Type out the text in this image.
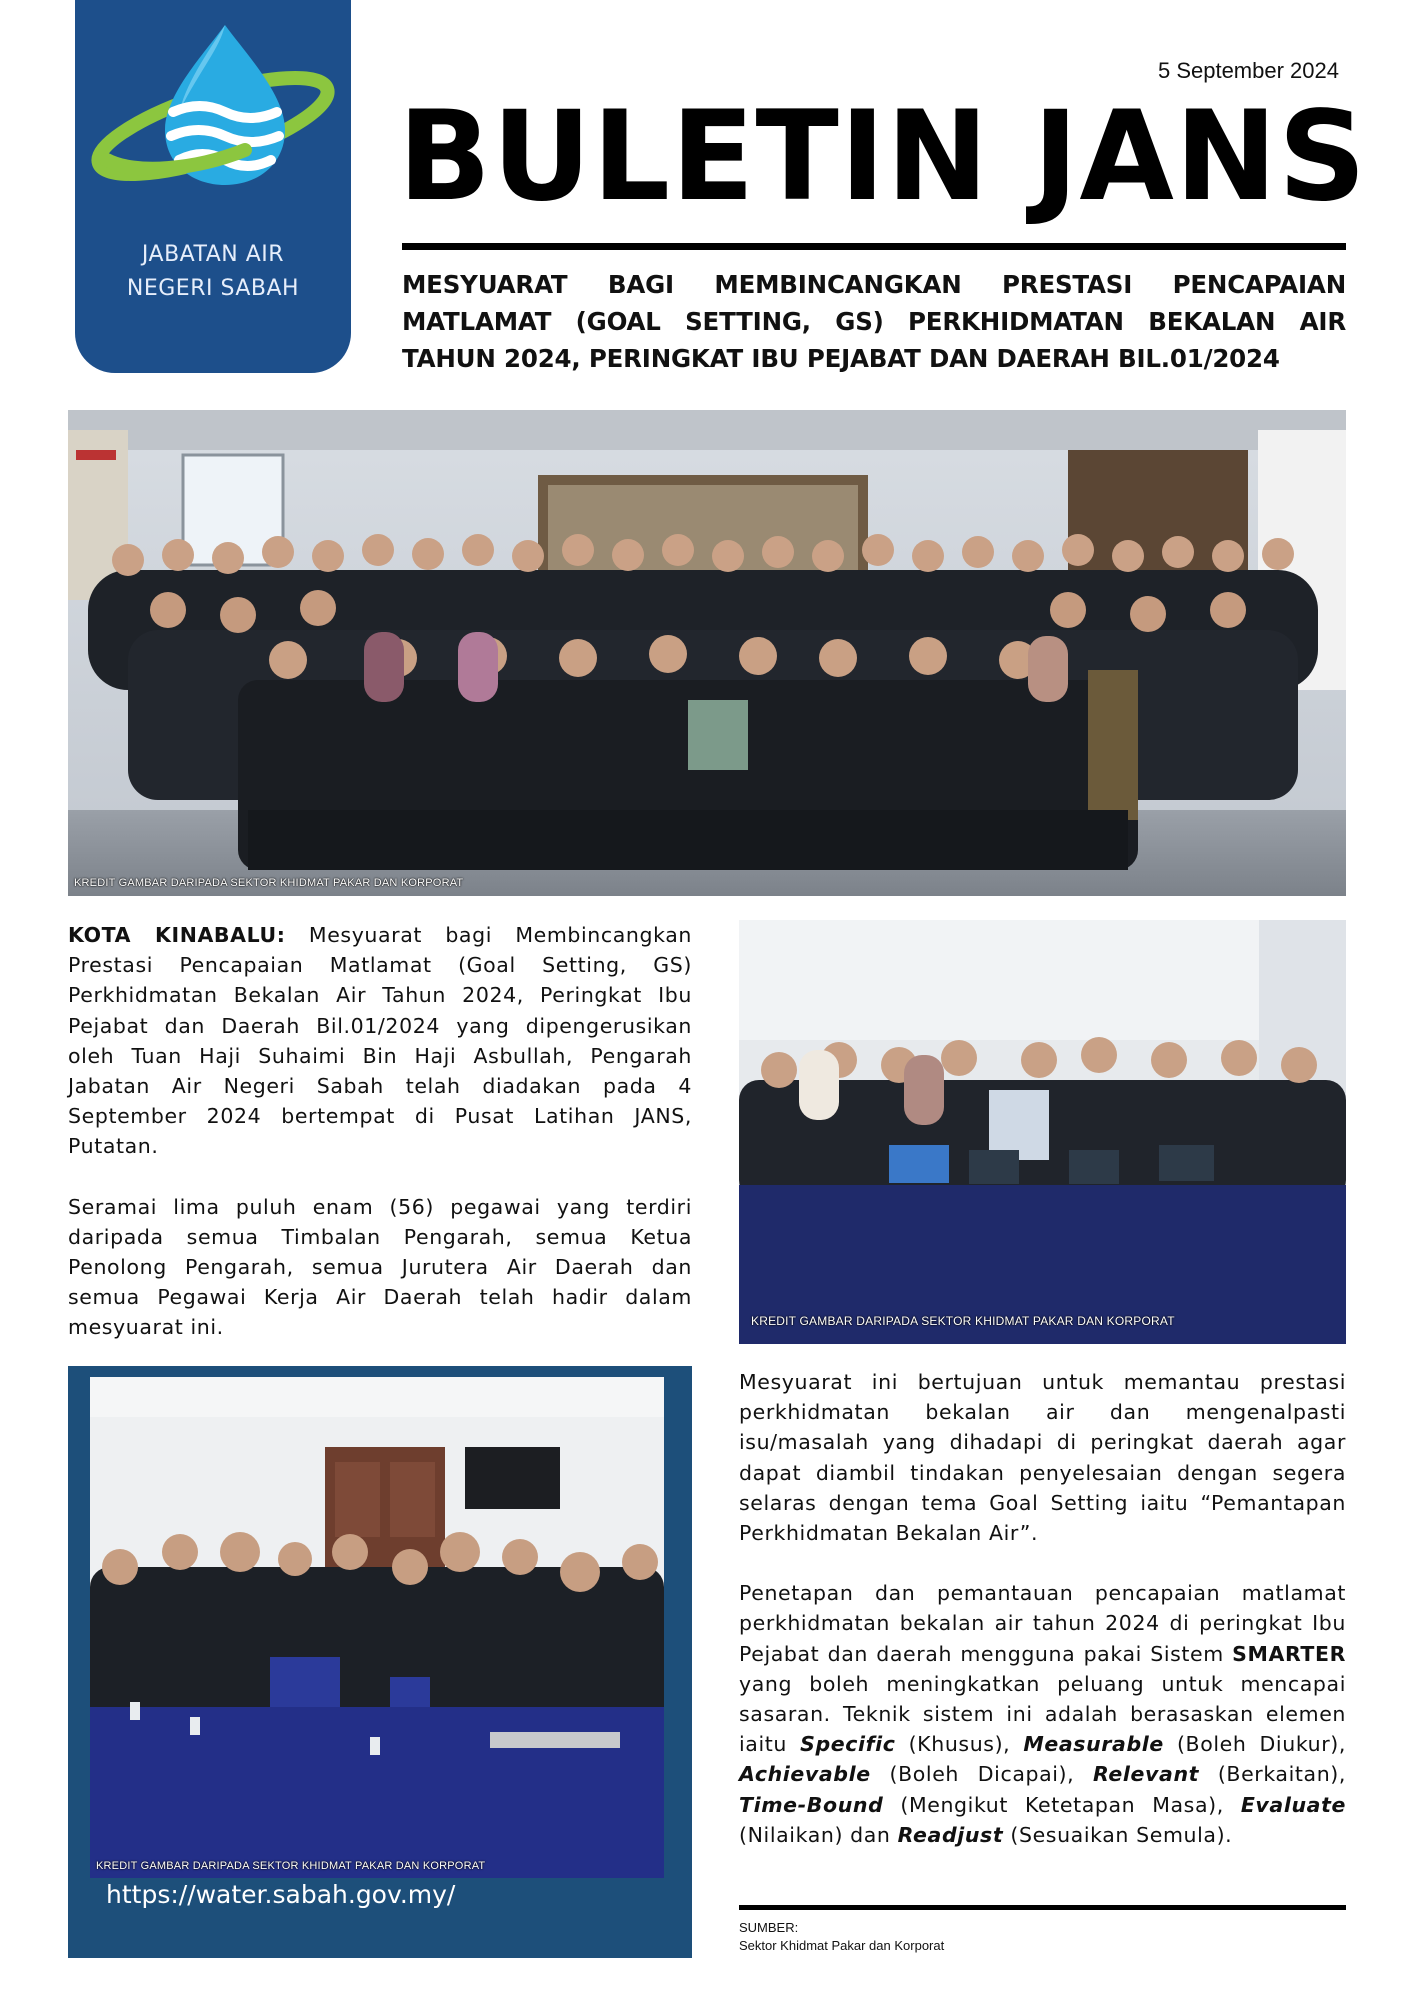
JABATAN AIR
NEGERI SABAH
5 September 2024
BULETIN JANS
MESYUARAT BAGI MEMBINCANGKAN PRESTASI PENCAPAIAN MATLAMAT (GOAL SETTING, GS) PERKHIDMATAN BEKALAN AIR TAHUN 2024, PERINGKAT IBU PEJABAT DAN DAERAH BIL.01/2024
KREDIT GAMBAR DARIPADA SEKTOR KHIDMAT PAKAR DAN KORPORAT

KOTA KINABALU: Mesyuarat bagi Membincangkan Prestasi Pencapaian Matlamat (Goal Setting, GS) Perkhidmatan Bekalan Air Tahun 2024, Peringkat Ibu Pejabat dan Daerah Bil.01/2024 yang dipengerusikan oleh Tuan Haji Suhaimi Bin Haji Asbullah, Pengarah Jabatan Air Negeri Sabah telah diadakan pada 4 September 2024 bertempat di Pusat Latihan JANS, Putatan.

Seramai lima puluh enam (56) pegawai yang terdiri daripada semua Timbalan Pengarah, semua Ketua Penolong Pengarah, semua Jurutera Air Daerah dan semua Pegawai Kerja Air Daerah telah hadir dalam mesyuarat ini.	KREDIT GAMBAR DARIPADA SEKTOR KHIDMAT PAKAR DAN KORPORAT
KREDIT GAMBAR DARIPADA SEKTOR KHIDMAT PAKAR DAN KORPORAT
https://water.sabah.gov.my/

Mesyuarat ini bertujuan untuk memantau prestasi perkhidmatan bekalan air dan mengenalpasti isu/masalah yang dihadapi di peringkat daerah agar dapat diambil tindakan penyelesaian dengan segera selaras dengan tema Goal Setting iaitu “Pemantapan Perkhidmatan Bekalan Air”.

Penetapan dan pemantauan pencapaian matlamat perkhidmatan bekalan air tahun 2024 di peringkat Ibu Pejabat dan daerah mengguna pakai Sistem SMARTER yang boleh meningkatkan peluang untuk mencapai sasaran. Teknik sistem ini adalah berasaskan elemen iaitu Specific (Khusus), Measurable (Boleh Diukur), Achievable (Boleh Dicapai), Relevant (Berkaitan), Time-Bound (Mengikut Ketetapan Masa), Evaluate (Nilaikan) dan Readjust (Sesuaikan Semula).

SUMBER:
Sektor Khidmat Pakar dan Korporat
